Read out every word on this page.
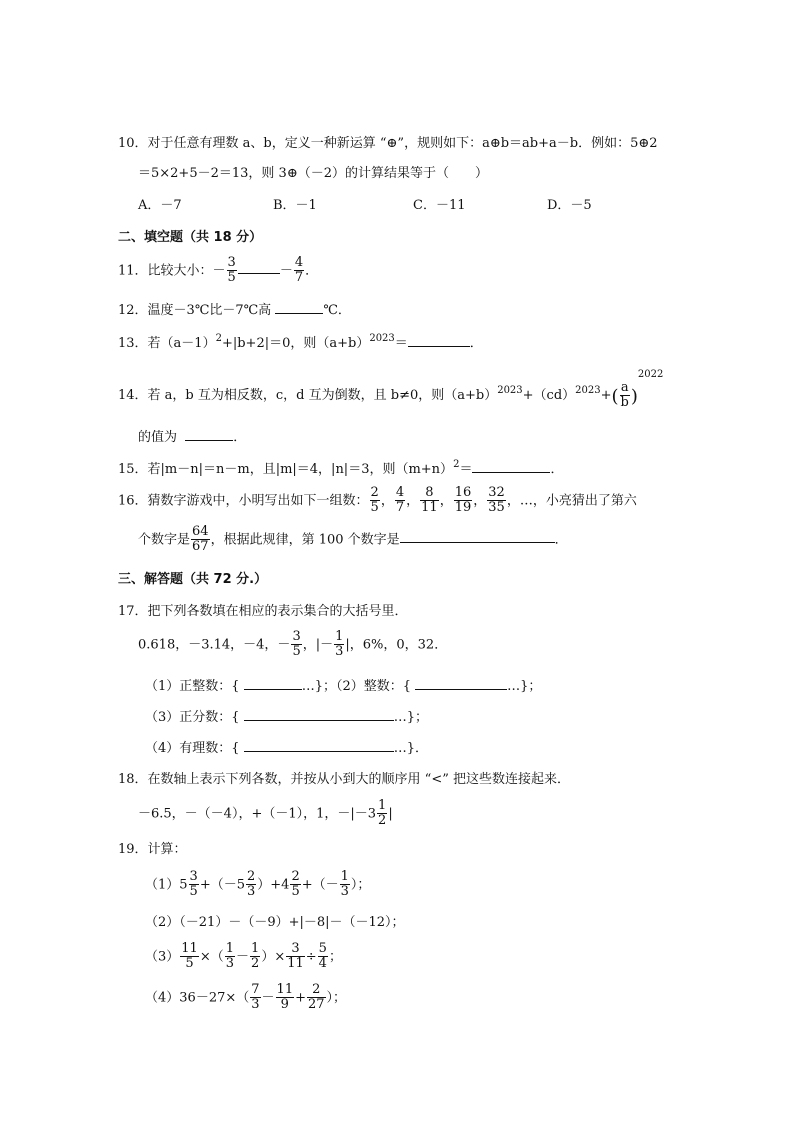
10．对于任意有理数 a、b，定义一种新运算 “⊕”，规则如下：a⊕b＝ab+a－b．例如：5⊕2
＝5×2+5－2＝13，则 3⊕（－2）的计算结果等于（　　）
A．－7	B．－1	C．－11	D．－5
二、填空题（共 18 分）
11．比较大小：－ $\frac{3}{5}$	－ $\frac{4}{7}$ ．
12．温度－3℃比－7℃高	℃．
13．若$(a-1)^2+|b+2|=0$，则$(a+b)^{2023}=$	．
14．若 a，b 互为相反数，c，d 互为倒数，且 b≠0，则$(a+b)^{2023}+(cd)^{2023}+( \frac{a}{b} )^{2022}$
的值为	．
15．若|m－n|＝n－m，且|m|＝4，|n|＝3，则$(m+n)^2=$	．
16．猜数字游戏中，小明写出如下一组数： $\frac{2}{5}$ ， $\frac{4}{7}$ ， $\frac{8}{11}$ ， $\frac{16}{19}$ ， $\frac{32}{35}$ ，…，小亮猜出了第六
个数字是 $\frac{64}{67}$ ，根据此规律，第 100 个数字是	．
三、解答题（共 72 分.）
17．把下列各数填在相应的表示集合的大括号里．
0.618，－3.14，－4，－ $\frac{3}{5}$ ，|－ $\frac{1}{3}$ |，6%，0，32．
（1）正整数：{	…}；（2）整数：{	…}；
（3）正分数：{	…}；
（4）有理数：{	…}．
18．在数轴上表示下列各数，并按从小到大的顺序用 “<” 把这些数连接起来．
－6.5，－（－4），+（－1），1，$-|-3 \frac{1}{2}$ |
19．计算：
$(1)5 \frac{3}{5} +(-5 \frac{2}{3} )+4 \frac{2}{5}$ +（－ $\frac{1}{3}$ ）；
（2）（－21）－（－9）+|－8|－（－12）；
$(3) \frac{11}{5}$ ×（ $\frac{1}{3} - \frac{1}{2}$ ）× $\frac{3}{11} \div \frac{5}{4}$ ；
$(4)36-27\times( \frac{7}{3} - \frac{11}{9} + \frac{2}{27}$ ）；
